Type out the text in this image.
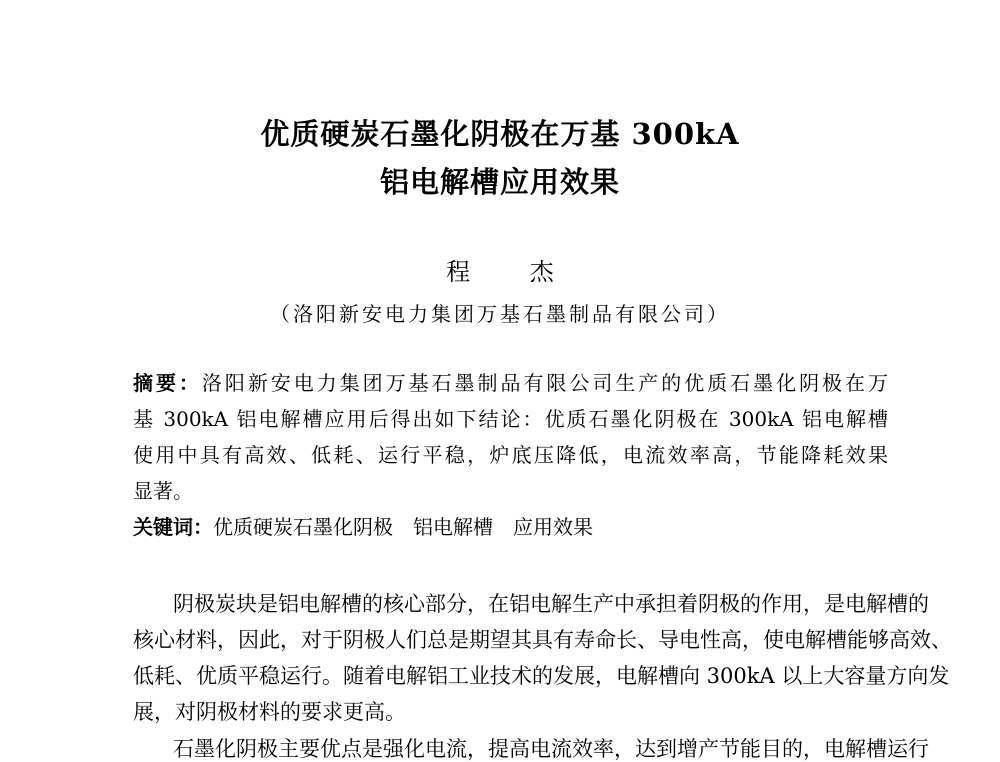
优质硬炭石墨化阴极在万基 300kA
铝电解槽应用效果
程 杰
（洛阳新安电力集团万基石墨制品有限公司）
摘要：洛阳新安电力集团万基石墨制品有限公司生产的优质石墨化阴极在万
基 300kA 铝电解槽应用后得出如下结论：优质石墨化阴极在 300kA 铝电解槽
使用中具有高效、低耗、运行平稳，炉底压降低，电流效率高，节能降耗效果
显著。
关键词：优质硬炭石墨化阴极　铝电解槽　应用效果
阴极炭块是铝电解槽的核心部分，在铝电解生产中承担着阴极的作用，是电解槽的
核心材料，因此，对于阴极人们总是期望其具有寿命长、导电性高，使电解槽能够高效、
低耗、优质平稳运行。随着电解铝工业技术的发展，电解槽向 300kA 以上大容量方向发
展，对阴极材料的要求更高。
石墨化阴极主要优点是强化电流，提高电流效率，达到增产节能目的，电解槽运行
